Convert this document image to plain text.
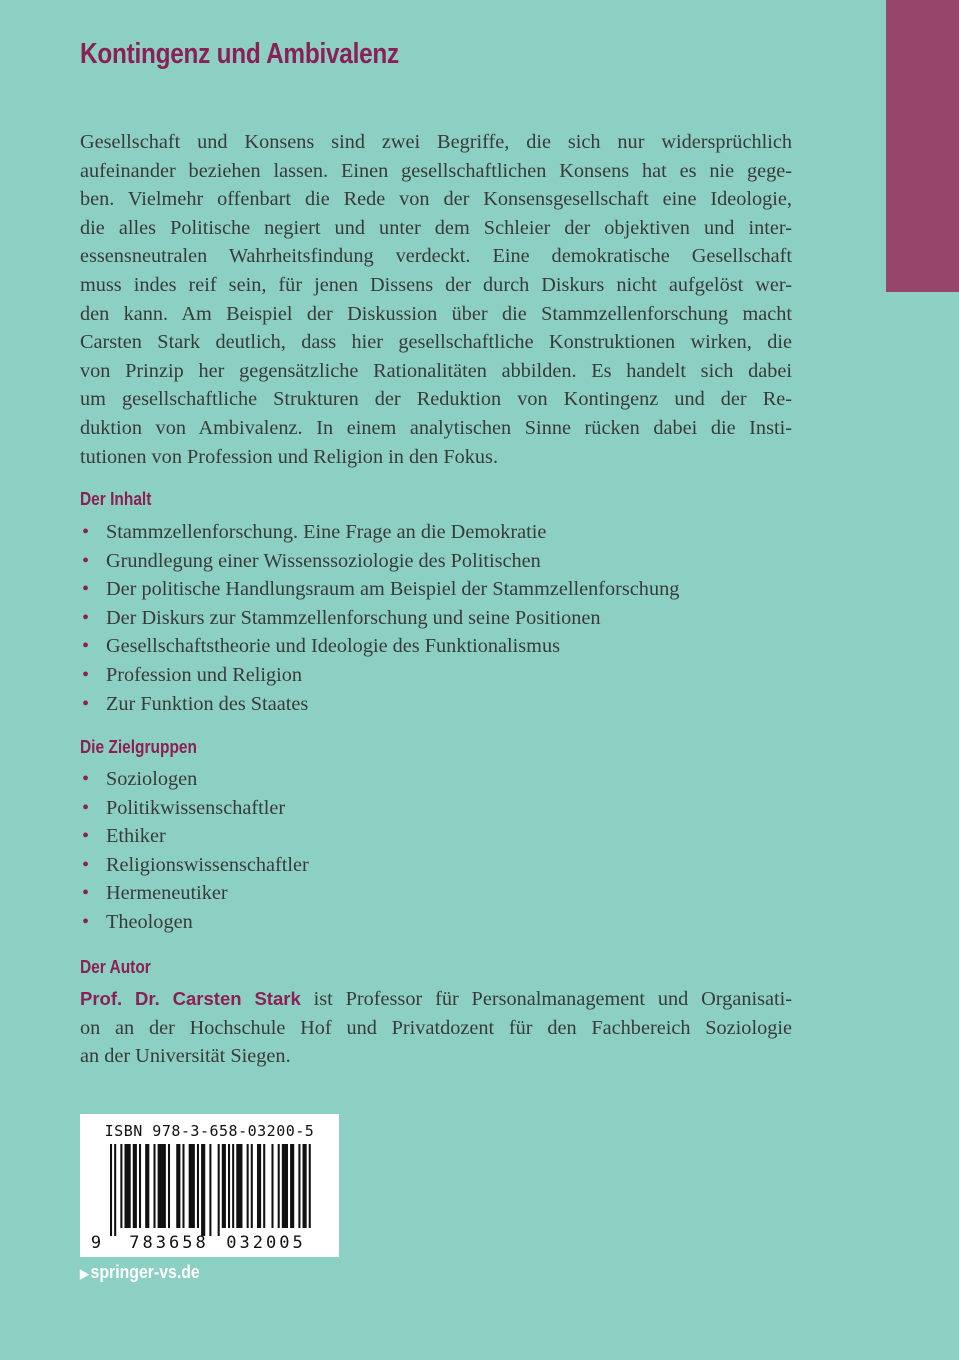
Kontingenz und Ambivalenz
Gesellschaft und Konsens sind zwei Begriffe, die sich nur widersprüchlich
aufeinander beziehen lassen. Einen gesellschaftlichen Konsens hat es nie gege-
ben. Vielmehr offenbart die Rede von der Konsensgesellschaft eine Ideologie,
die alles Politische negiert und unter dem Schleier der objektiven und inter-
essensneutralen Wahrheitsfindung verdeckt. Eine demokratische Gesellschaft
muss indes reif sein, für jenen Dissens der durch Diskurs nicht aufgelöst wer-
den kann. Am Beispiel der Diskussion über die Stammzellenforschung macht
Carsten Stark deutlich, dass hier gesellschaftliche Konstruktionen wirken, die
von Prinzip her gegensätzliche Rationalitäten abbilden. Es handelt sich dabei
um gesellschaftliche Strukturen der Reduktion von Kontingenz und der Re-
duktion von Ambivalenz. In einem analytischen Sinne rücken dabei die Insti-
tutionen von Profession und Religion in den Fokus.
Der Inhalt
• Stammzellenforschung. Eine Frage an die Demokratie
• Grundlegung einer Wissenssoziologie des Politischen
• Der politische Handlungsraum am Beispiel der Stammzellenforschung
• Der Diskurs zur Stammzellenforschung und seine Positionen
• Gesellschaftstheorie und Ideologie des Funktionalismus
• Profession und Religion
• Zur Funktion des Staates
Die Zielgruppen
• Soziologen
• Politikwissenschaftler
• Ethiker
• Religionswissenschaftler
• Hermeneutiker
• Theologen
Der Autor
Prof. Dr. Carsten Stark ist Professor für Personalmanagement und Organisati-
on an der Hochschule Hof und Privatdozent für den Fachbereich Soziologie
an der Universität Siegen.
ISBN 978-3-658-03200-5
9 783658 032005
▶springer-vs.de
